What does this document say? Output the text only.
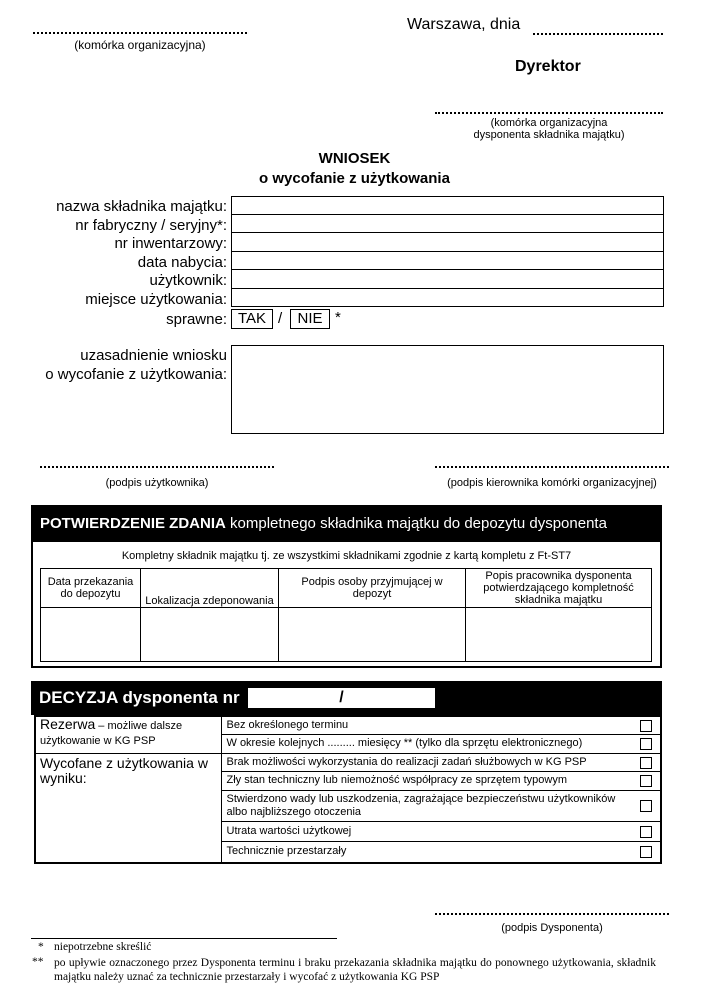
(komórka organizacyjna)
Warszawa, dnia
Dyrektor
(komórka organizacyjna
dysponenta składnika majątku)
WNIOSEK
o wycofanie z użytkowania
nazwa składnika majątku:
nr fabryczny / seryjny*:
nr inwentarzowy:
data nabycia:
użytkownik:
miejsce użytkowania:
sprawne: TAK /	NIE *
uzasadnienie wniosku
o wycofanie z użytkowania:
(podpis użytkownika)	(podpis kierownika komórki organizacyjnej)
POTWIERDZENIE ZDANIA kompletnego składnika majątku do depozytu dysponenta
Kompletny składnik majątku tj. ze wszystkimi składnikami zgodnie z kartą kompletu z Ft-ST7
Data przekazania do depozytu	Lokalizacja zdeponowania	Podpis osoby przyjmującej w depozyt	Popis pracownika dysponenta potwierdzającego kompletność składnika majątku

DECYZJA dysponenta nr	/
Rezerwa – możliwe dalsze użytkowanie w KG PSP	Bez określonego terminu
W okresie kolejnych ......... miesięcy ** (tylko dla sprzętu elektronicznego)

Wycofane z użytkowania w wyniku:	Brak możliwości wykorzystania do realizacji zadań służbowych w KG PSP
Zły stan techniczny lub niemożność współpracy ze sprzętem typowym
Stwierdzono wady lub uszkodzenia, zagrażające bezpieczeństwu użytkowników albo najbliższego otoczenia
Utrata wartości użytkowej
Technicznie przestarzały
(podpis Dysponenta)
* niepotrzebne skreślić
** po upływie oznaczonego przez Dysponenta terminu i braku przekazania składnika majątku do ponownego użytkowania, składnik majątku należy uznać za technicznie przestarzały i wycofać z użytkowania KG PSP
